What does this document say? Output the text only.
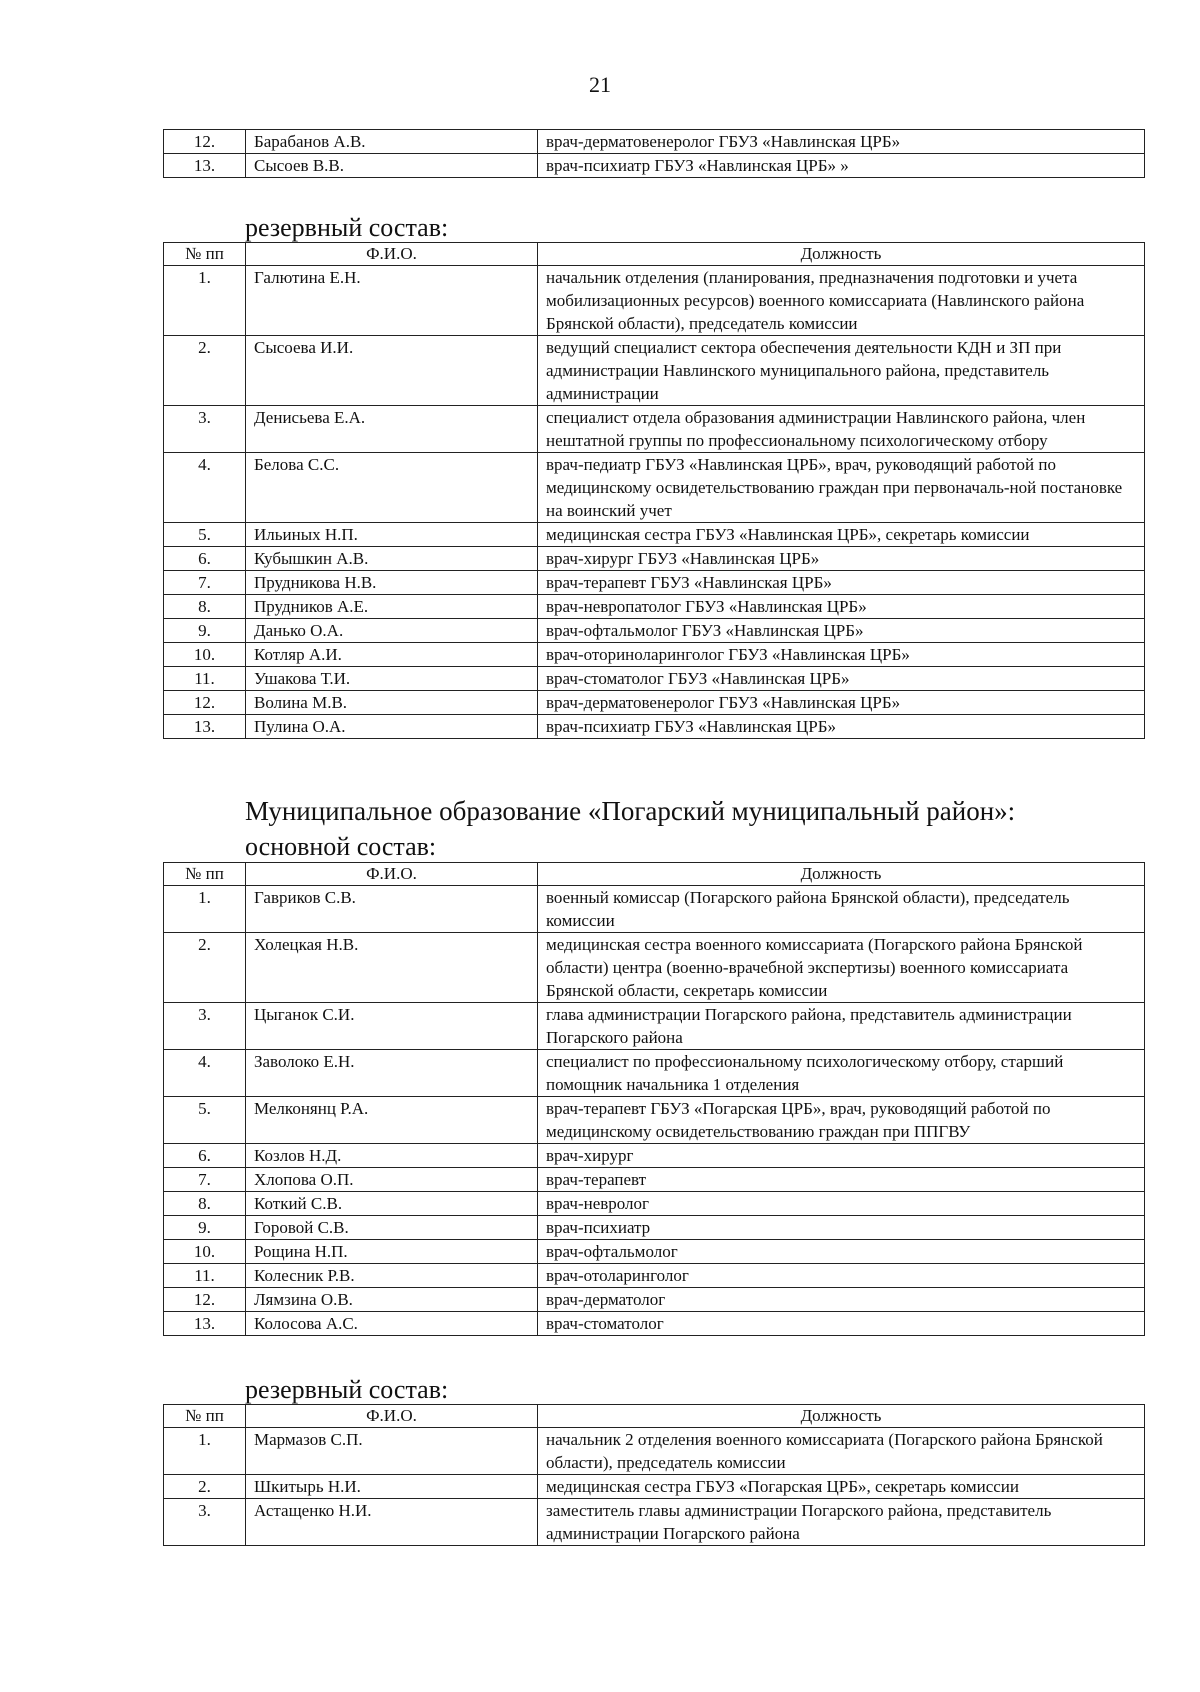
21
12.	Барабанов А.В.	врач-дерматовенеролог ГБУЗ «Навлинская ЦРБ»
13.	Сысоев В.В.	врач-психиатр ГБУЗ «Навлинская ЦРБ» »
резервный состав:
№ пп	Ф.И.О.	Должность
1.	Галютина Е.Н.	начальник отделения (планирования, предназначения подготовки и учета мобилизационных ресурсов) военного комиссариата (Навлинского района Брянской области), председатель комиссии
2.	Сысоева И.И.	ведущий специалист сектора обеспечения деятельности КДН и ЗП при администрации Навлинского муниципального района, представитель администрации
3.	Денисьева Е.А.	специалист отдела образования администрации Навлинского района, член нештатной группы по профессиональному психологическому отбору
4.	Белова С.С.	врач-педиатр ГБУЗ «Навлинская ЦРБ», врач, руководящий работой по медицинскому освидетельствованию граждан при первоначаль-ной постановке на воинский учет
5.	Ильиных Н.П.	медицинская сестра ГБУЗ «Навлинская ЦРБ», секретарь комиссии
6.	Кубышкин А.В.	врач-хирург ГБУЗ «Навлинская ЦРБ»
7.	Прудникова Н.В.	врач-терапевт ГБУЗ «Навлинская ЦРБ»
8.	Прудников А.Е.	врач-невропатолог ГБУЗ «Навлинская ЦРБ»
9.	Данько О.А.	врач-офтальмолог ГБУЗ «Навлинская ЦРБ»
10.	Котляр А.И.	врач-оториноларинголог ГБУЗ «Навлинская ЦРБ»
11.	Ушакова Т.И.	врач-стоматолог ГБУЗ «Навлинская ЦРБ»
12.	Волина М.В.	врач-дерматовенеролог ГБУЗ «Навлинская ЦРБ»
13.	Пулина О.А.	врач-психиатр ГБУЗ «Навлинская ЦРБ»
Муниципальное образование «Погарский муниципальный район»:
основной состав:
№ пп	Ф.И.О.	Должность
1.	Гавриков С.В.	военный комиссар (Погарского района Брянской области), председатель комиссии
2.	Холецкая Н.В.	медицинская сестра военного комиссариата (Погарского района Брянской области) центра (военно-врачебной экспертизы) военного комиссариата Брянской области, секретарь комиссии
3.	Цыганок С.И.	глава администрации Погарского района, представитель администрации Погарского района
4.	Заволоко Е.Н.	специалист по профессиональному психологическому отбору, старший помощник начальника 1 отделения
5.	Мелконянц Р.А.	врач-терапевт ГБУЗ «Погарская ЦРБ», врач, руководящий работой по медицинскому освидетельствованию граждан при ППГВУ
6.	Козлов Н.Д.	врач-хирург
7.	Хлопова О.П.	врач-терапевт
8.	Коткий С.В.	врач-невролог
9.	Горовой С.В.	врач-психиатр
10.	Рощина Н.П.	врач-офтальмолог
11.	Колесник Р.В.	врач-отоларинголог
12.	Лямзина О.В.	врач-дерматолог
13.	Колосова А.С.	врач-стоматолог
резервный состав:
№ пп	Ф.И.О.	Должность
1.	Мармазов С.П.	начальник 2 отделения военного комиссариата (Погарского района Брянской области), председатель комиссии
2.	Шкитырь Н.И.	медицинская сестра ГБУЗ «Погарская ЦРБ», секретарь комиссии
3.	Астащенко Н.И.	заместитель главы администрации Погарского района, представитель администрации Погарского района
